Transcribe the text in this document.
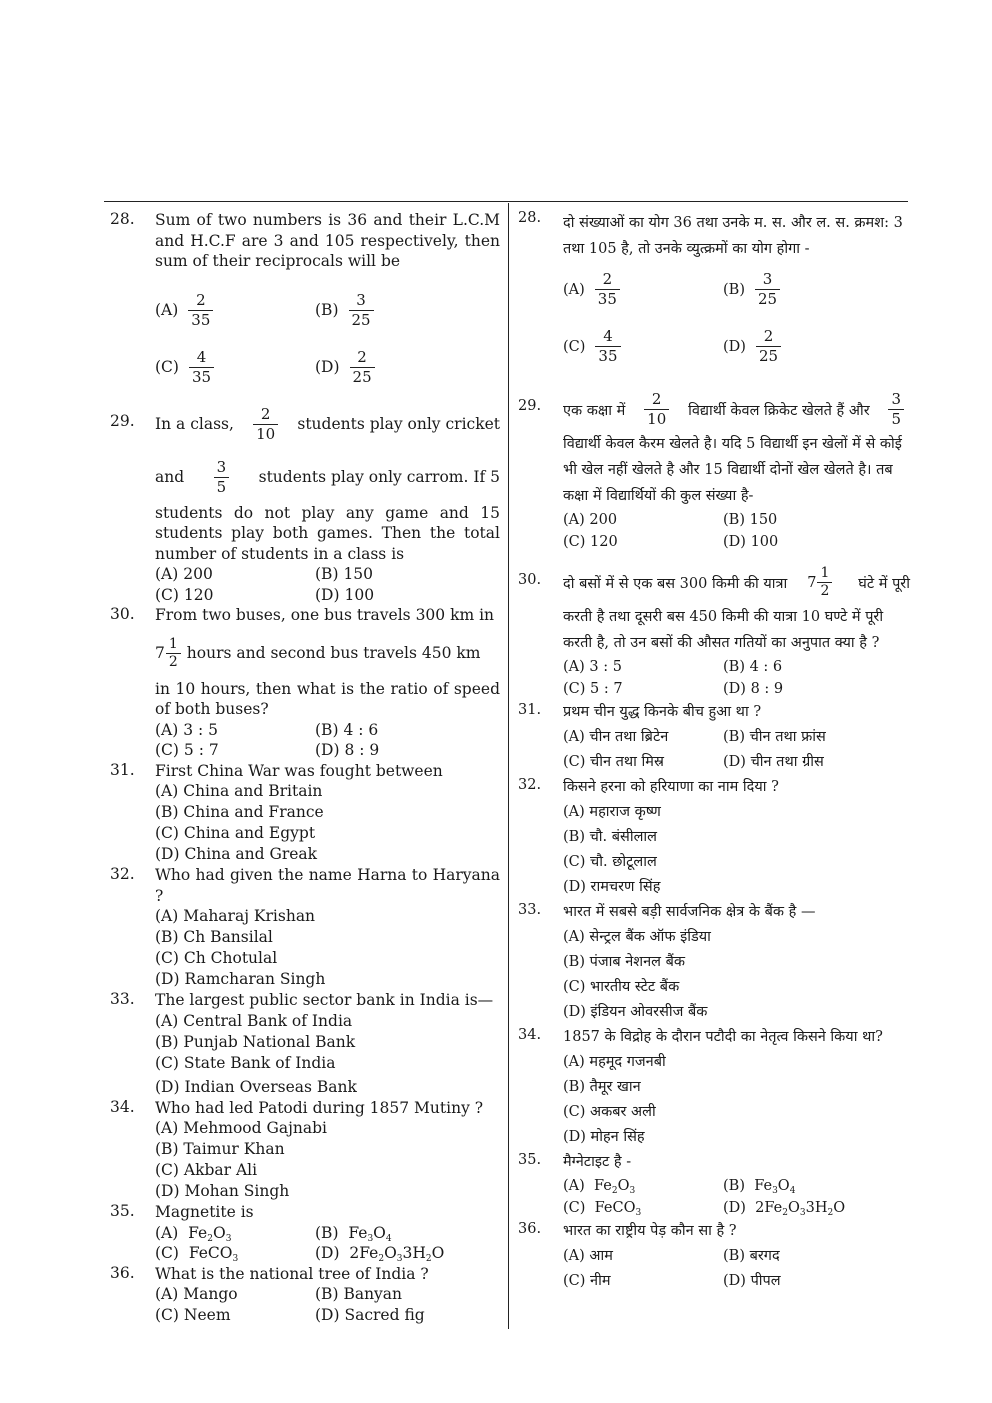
28. Sum of two numbers is 36 and their L.C.M and H.C.F are 3 and 105 respectively, then sum of their reciprocals will be
$(A) \frac{2}{35}$	$(B) \frac{3}{25}$
$(C) \frac{4}{35}$	$(D) \frac{2}{25}$
29. In a class, $\frac{2}{10}$ students play only cricket
and $\frac{3}{5}$ students play only carrom. If 5
students do not play any game and 15 students play both games. Then the total number of students in a class is
(A) 200	(B) 150
(C) 120	(D) 100
30. From two buses, one bus travels 300 km in
$7 \frac{1}{2}$ hours and second bus travels 450 km
in 10 hours, then what is the ratio of speed of both buses?
(A) 3 : 5	(B) 4 : 6
(C) 5 : 7	(D) 8 : 9
31. First China War was fought between
(A) China and Britain
(B) China and France
(C) China and Egypt
(D) China and Greak
32. Who had given the name Harna to Haryana ?
(A) Maharaj Krishan
(B) Ch Bansilal
(C) Ch Chotulal
(D) Ramcharan Singh
33. The largest public sector bank in India is—
(A) Central Bank of India
(B) Punjab National Bank
(C) State Bank of India
(D) Indian Overseas Bank
34. Who had led Patodi during 1857 Mutiny ?
(A) Mehmood Gajnabi
(B) Taimur Khan
(C) Akbar Ali
(D) Mohan Singh
35. Magnetite is
(A)  $Fe_2O_3$	(B)  $Fe_3O_4$
(C)  FeCO$_3$	(D)  $2Fe_2O_33H_2O$
36. What is the national tree of India ?
(A) Mango	(B) Banyan
(C) Neem	(D) Sacred fig
28. दो संख्याओं का योग 36 तथा उनके म. स. और ल. स. क्रमश: 3 तथा 105 है, तो उनके व्युत्क्रमों का योग होगा -
$(A) \frac{2}{35}$	$(B) \frac{3}{25}$
$(C) \frac{4}{35}$	$(D) \frac{2}{25}$
29. एक कक्षा में $\frac{2}{10}$ विद्यार्थी केवल क्रिकेट खेलते हैं और $\frac{3}{5}$
विद्यार्थी केवल कैरम खेलते है। यदि 5 विद्यार्थी इन खेलों में से कोई भी खेल नहीं खेलते है और 15 विद्यार्थी दोनों खेल खेलते है। तब कक्षा में विद्यार्थियों की कुल संख्या है-
(A) 200	(B) 150
(C) 120	(D) 100
30. दो बसों में से एक बस 300 किमी की यात्रा $7 \frac{1}{2}$ घंटे में पूरी
करती है तथा दूसरी बस 450 किमी की यात्रा 10 घण्टे में पूरी करती है, तो उन बसों की औसत गतियों का अनुपात क्या है ?
(A) 3 : 5	(B) 4 : 6
(C) 5 : 7	(D) 8 : 9
31. प्रथम चीन युद्ध किनके बीच हुआ था ?
(A) चीन तथा ब्रिटेन	(B) चीन तथा फ्रांस
(C) चीन तथा मिस्र	(D) चीन तथा ग्रीस
32. किसने हरना को हरियाणा का नाम दिया ?
(A) महाराज कृष्ण
(B) चौ. बंसीलाल
(C) चौ. छोटूलाल
(D) रामचरण सिंह
33. भारत में सबसे बड़ी सार्वजनिक क्षेत्र के बैंक है —
(A) सेन्ट्रल बैंक ऑफ इंडिया
(B) पंजाब नेशनल बैंक
(C) भारतीय स्टेट बैंक
(D) इंडियन ओवरसीज बैंक
34. 1857 के विद्रोह के दौरान पटौदी का नेतृत्व किसने किया था?
(A) महमूद गजनबी
(B) तैमूर खान
(C) अकबर अली
(D) मोहन सिंह
35. मैग्नेटाइट है -
(A)  $Fe_2O_3$	(B)  $Fe_3O_4$
(C)  FeCO$_3$	(D)  $2Fe_2O_33H_2O$
36. भारत का राष्ट्रीय पेड़ कौन सा है ?
(A) आम	(B) बरगद
(C) नीम	(D) पीपल
